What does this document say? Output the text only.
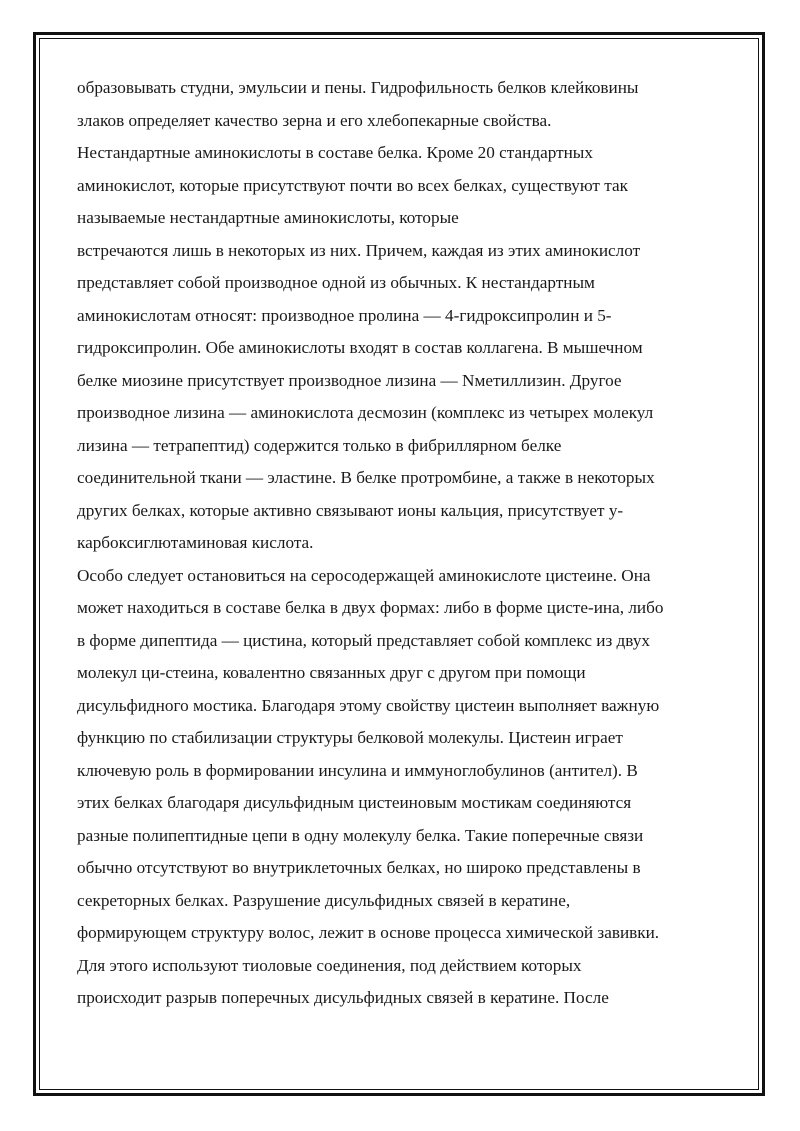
образовывать студни, эмульсии и пены. Гидрофильность белков клейковины
злаков определяет качество зерна и его хлебопекарные свойства.
Нестандартные аминокислоты в составе белка. Кроме 20 стандартных
аминокислот, которые присутствуют почти во всех белках, существуют так
называемые нестандартные аминокислоты, которые
встречаются лишь в некоторых из них. Причем, каждая из этих аминокислот
представляет собой производное одной из обычных. К нестандартным
аминокислотам относят: производное пролина — 4-гидроксипролин и 5-
гидроксипролин. Обе аминокислоты входят в состав коллагена. В мышечном
белке миозине присутствует производное лизина — Nметиллизин. Другое
производное лизина — аминокислота десмозин (комплекс из четырех молекул
лизина — тетрапептид) содержится только в фибриллярном белке
соединительной ткани — эластине. В белке протромбине, а также в некоторых
других белках, которые активно связывают ионы кальция, присутствует у-
карбоксиглютаминовая кислота.
Особо следует остановиться на серосодержащей аминокислоте цистеине. Она
может находиться в составе белка в двух формах: либо в форме цисте-ина, либо
в форме дипептида — цистина, который представляет собой комплекс из двух
молекул ци-стеина, ковалентно связанных друг с другом при помощи
дисульфидного мостика. Благодаря этому свойству цистеин выполняет важную
функцию по стабилизации структуры белковой молекулы. Цистеин играет
ключевую роль в формировании инсулина и иммуноглобулинов (антител). В
этих белках благодаря дисульфидным цистеиновым мостикам соединяются
разные полипептидные цепи в одну молекулу белка. Такие поперечные связи
обычно отсутствуют во внутриклеточных белках, но широко представлены в
секреторных белках. Разрушение дисульфидных связей в кератине,
формирующем структуру волос, лежит в основе процесса химической завивки.
Для этого используют тиоловые соединения, под действием которых
происходит разрыв поперечных дисульфидных связей в кератине. После
